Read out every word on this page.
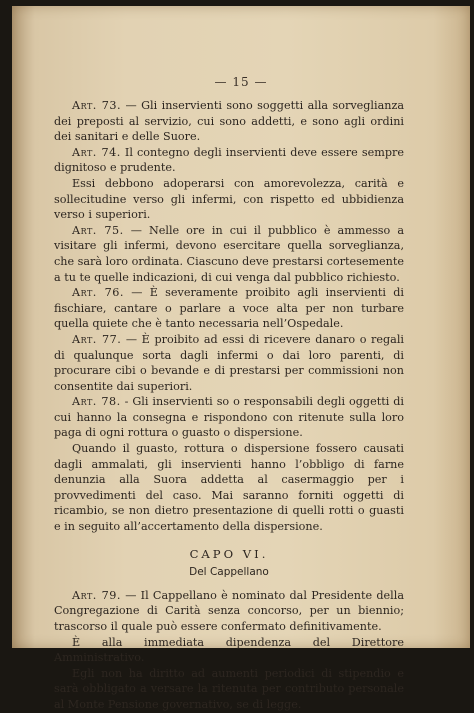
— 15 —

Art. 73. — Gli inservienti sono soggetti alla sorveglianza dei preposti al servizio, cui sono addetti, e sono agli ordini dei sanitari e delle Suore.

Art. 74. Il contegno degli inservienti deve essere sempre dignitoso e prudente.

Essi debbono adoperarsi con amorevolezza, carità e sollecitudine verso gli infermi, con rispetto ed ubbidienza verso i superiori.

Art. 75. — Nelle ore in cui il pubblico è ammesso a visitare gli infermi, devono esercitare quella sorveglianza, che sarà loro ordinata. Ciascuno deve prestarsi cortesemente a tu te quelle indicazioni, di cui venga dal pubblico richiesto.

Art. 76. — È severamente proibito agli inservienti di fischiare, cantare o parlare a voce alta per non turbare quella quiete che è tanto necessaria nell’Ospedale.

Art. 77. — È proibito ad essi di ricevere danaro o regali di qualunque sorta dagli infermi o dai loro parenti, di procurare cibi o bevande e di prestarsi per commissioni non consentite dai superiori.

Art. 78. - Gli inservienti so o responsabili degli oggetti di cui hanno la consegna e rispondono con ritenute sulla loro paga di ogni rottura o guasto o dispersione.

Quando il guasto, rottura o dispersione fossero causati dagli ammalati, gli inservienti hanno l’obbligo di farne denunzia alla Suora addetta al casermaggio per i provvedimenti del caso. Mai saranno forniti oggetti di ricambio, se non dietro presentazione di quelli rotti o guasti e in seguito all’accertamento della dispersione.

CAPO VI.
Del Cappellano

Art. 79. — Il Cappellano è nominato dal Presidente della Congregazione di Carità senza concorso, per un biennio; trascorso il quale può essere confermato definitivamente.

È alla immediata dipendenza del Direttore Amministrativo.

Egli non ha diritto ad aumenti periodici di stipendio e sarà obbligato a versare la ritenuta per contributo personale al Monte Pensione governativo, se di legge.
